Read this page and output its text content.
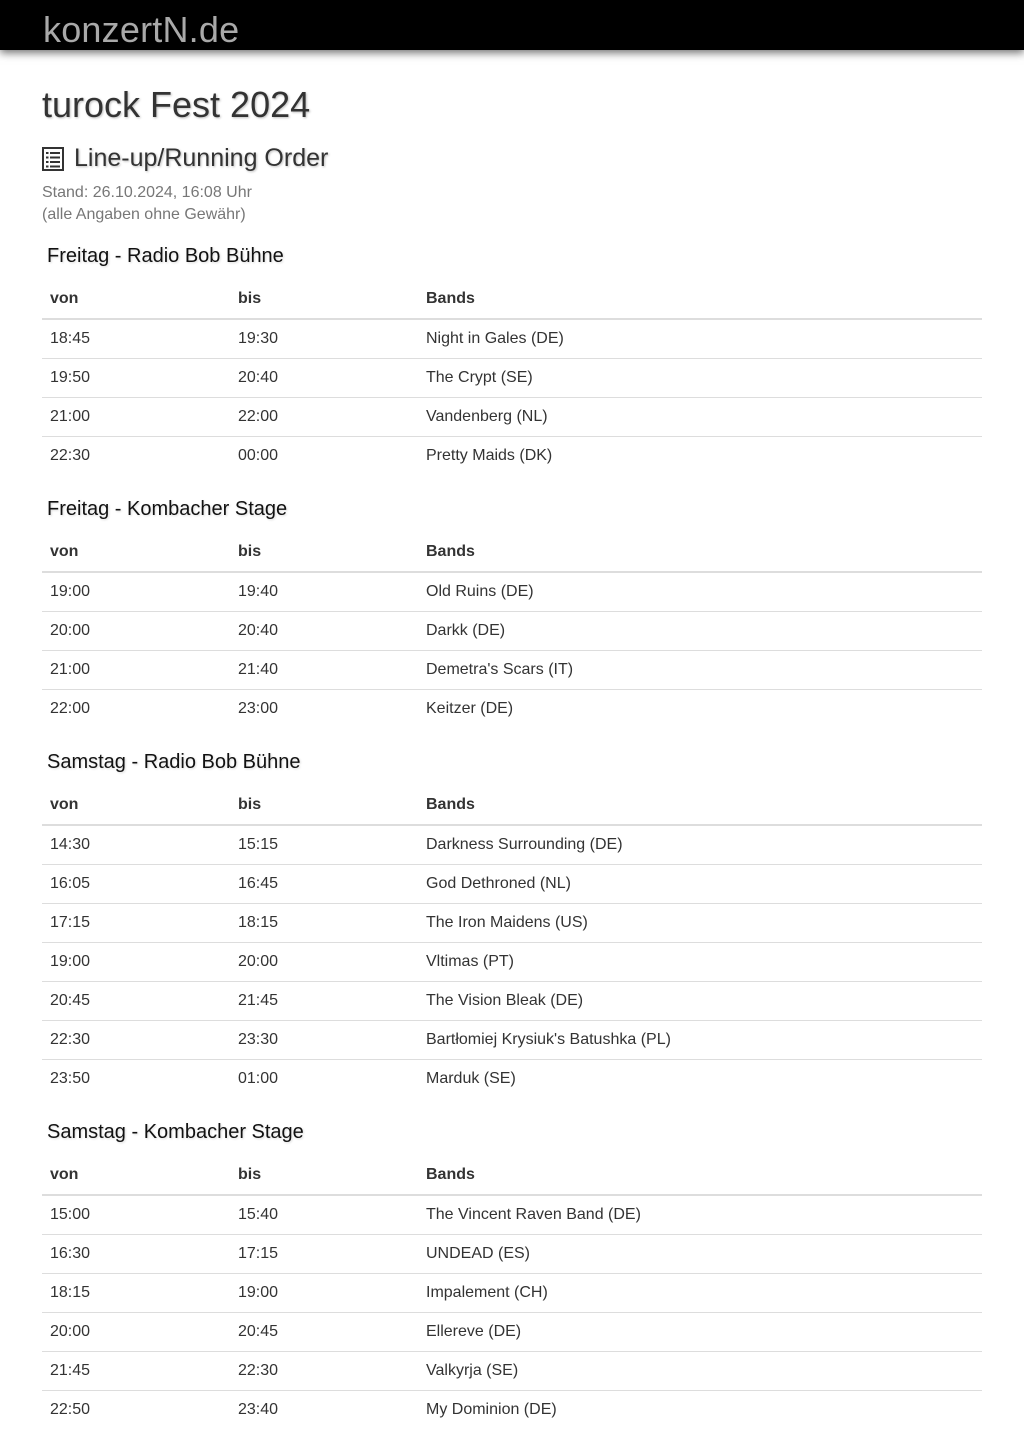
konzertN.de
turock Fest 2024
Line-up/Running Order
Stand: 26.10.2024, 16:08 Uhr
(alle Angaben ohne Gewähr)
Freitag - Radio Bob Bühne
von	bis	Bands
18:45	19:30	Night in Gales (DE)
19:50	20:40	The Crypt (SE)
21:00	22:00	Vandenberg (NL)
22:30	00:00	Pretty Maids (DK)
Freitag - Kombacher Stage
von	bis	Bands
19:00	19:40	Old Ruins (DE)
20:00	20:40	Darkk (DE)
21:00	21:40	Demetra's Scars (IT)
22:00	23:00	Keitzer (DE)
Samstag - Radio Bob Bühne
von	bis	Bands
14:30	15:15	Darkness Surrounding (DE)
16:05	16:45	God Dethroned (NL)
17:15	18:15	The Iron Maidens (US)
19:00	20:00	Vltimas (PT)
20:45	21:45	The Vision Bleak (DE)
22:30	23:30	Bartłomiej Krysiuk's Batushka (PL)
23:50	01:00	Marduk (SE)
Samstag - Kombacher Stage
von	bis	Bands
15:00	15:40	The Vincent Raven Band (DE)
16:30	17:15	UNDEAD (ES)
18:15	19:00	Impalement (CH)
20:00	20:45	Ellereve (DE)
21:45	22:30	Valkyrja (SE)
22:50	23:40	My Dominion (DE)
